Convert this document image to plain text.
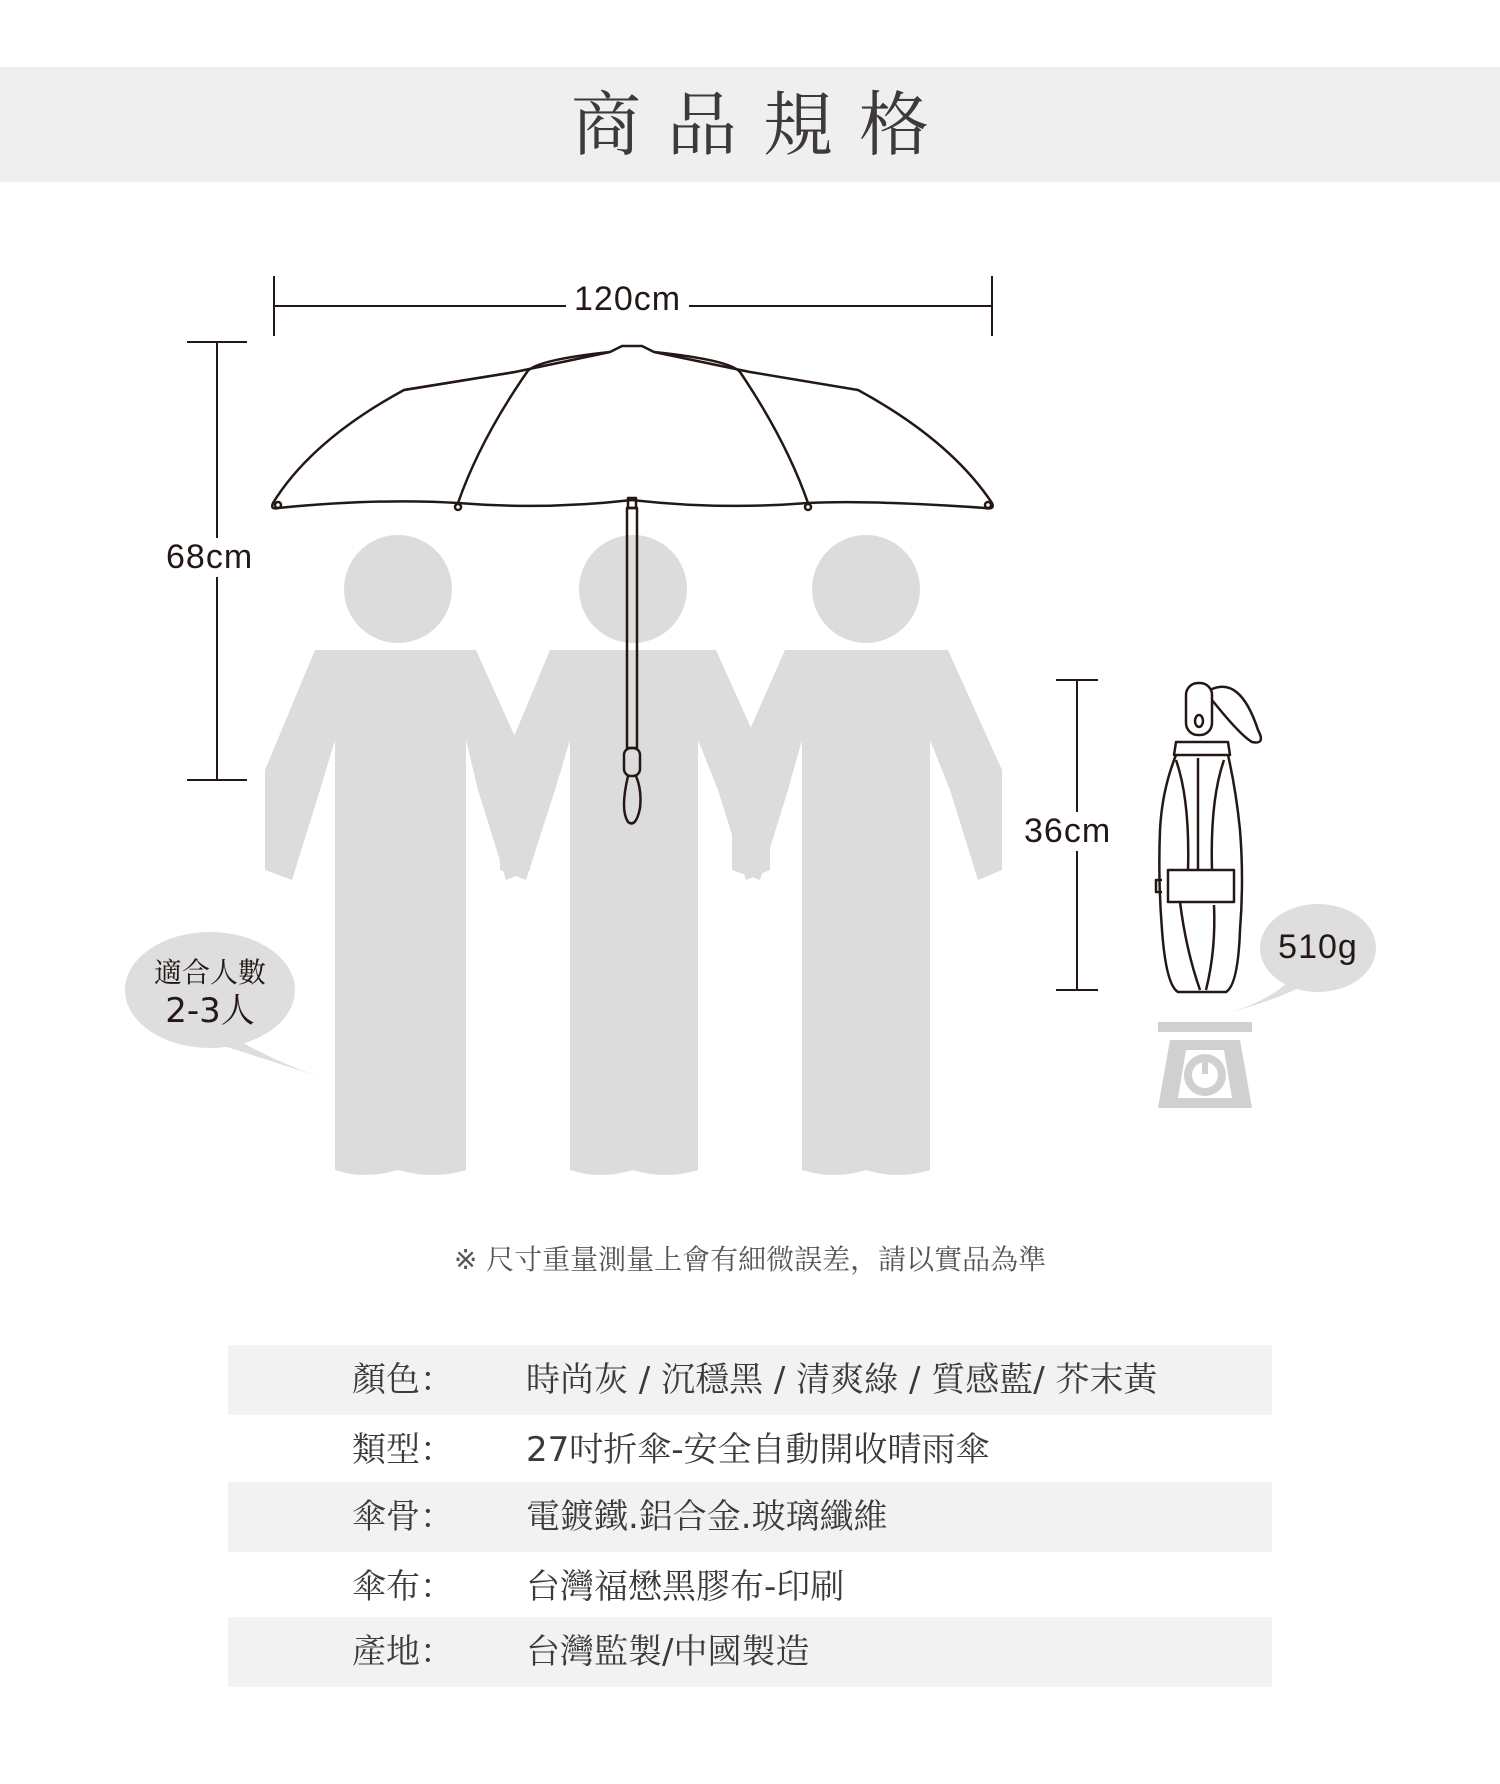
商品規格
120cm
68cm
36cm
510g
適合人數
2-3人
※ 尺寸重量測量上會有細微誤差，請以實品為準
顏色： 時尚灰 / 沉穩黑 / 清爽綠 / 質感藍/ 芥末黃
類型： 27吋折傘-安全自動開收晴雨傘
傘骨： 電鍍鐵.鋁合金.玻璃纖維
傘布： 台灣福懋黑膠布-印刷
產地： 台灣監製/中國製造
